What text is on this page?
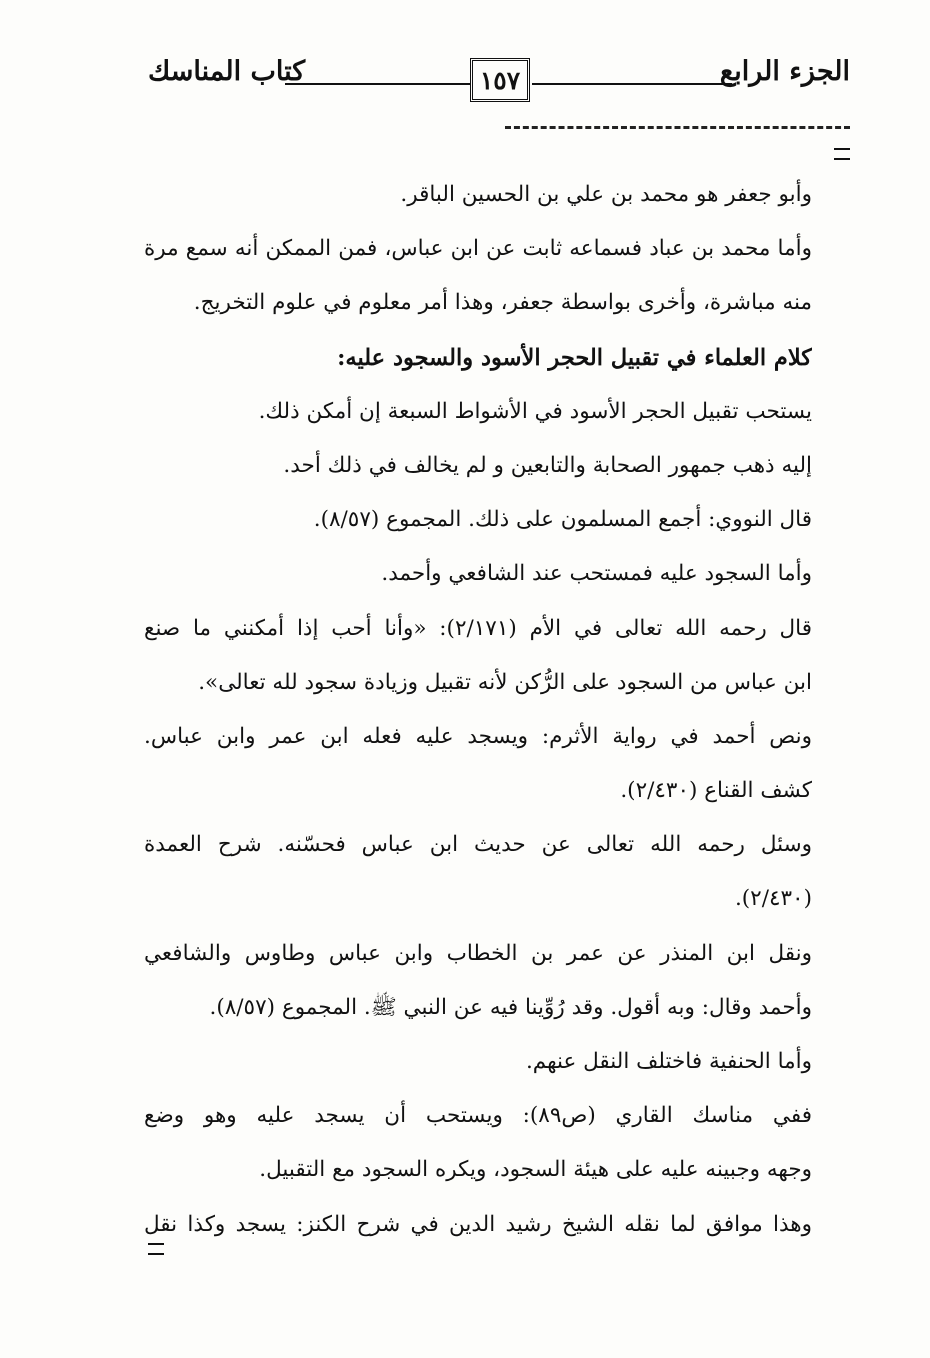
الجزء الرابع
١٥٧
كتاب المناسك
وأبو جعفر هو محمد بن علي بن الحسين الباقر.
وأما محمد بن عباد فسماعه ثابت عن ابن عباس، فمن الممكن أنه سمع مرة
منه مباشرة، وأخرى بواسطة جعفر، وهذا أمر معلوم في علوم التخريج.
كلام العلماء في تقبيل الحجر الأسود والسجود عليه:
يستحب تقبيل الحجر الأسود في الأشواط السبعة إن أمكن ذلك.
إليه ذهب جمهور الصحابة والتابعين و لم يخالف في ذلك أحد.
قال النووي: أجمع المسلمون على ذلك. المجموع (٨/٥٧).
وأما السجود عليه فمستحب عند الشافعي وأحمد.
قال رحمه الله تعالى في الأم (٢/١٧١): «وأنا أحب إذا أمكنني ما صنع
ابن عباس من السجود على الرُّكن لأنه تقبيل وزيادة سجود لله تعالى».
ونص أحمد في رواية الأثرم: ويسجد عليه فعله ابن عمر وابن عباس.
كشف القناع (٢/٤٣٠).
وسئل رحمه الله تعالى عن حديث ابن عباس فحسّنه. شرح العمدة
(٢/٤٣٠).
ونقل ابن المنذر عن عمر بن الخطاب وابن عباس وطاوس والشافعي
وأحمد وقال: وبه أقول. وقد رُوِّينا فيه عن النبي ﷺ. المجموع (٨/٥٧).
وأما الحنفية فاختلف النقل عنهم.
ففي مناسك القاري (ص٨٩): ويستحب أن يسجد عليه وهو وضع
وجهه وجبينه عليه على هيئة السجود، ويكره السجود مع التقبيل.
وهذا موافق لما نقله الشيخ رشيد الدين في شرح الكنز: يسجد وكذا نقل
